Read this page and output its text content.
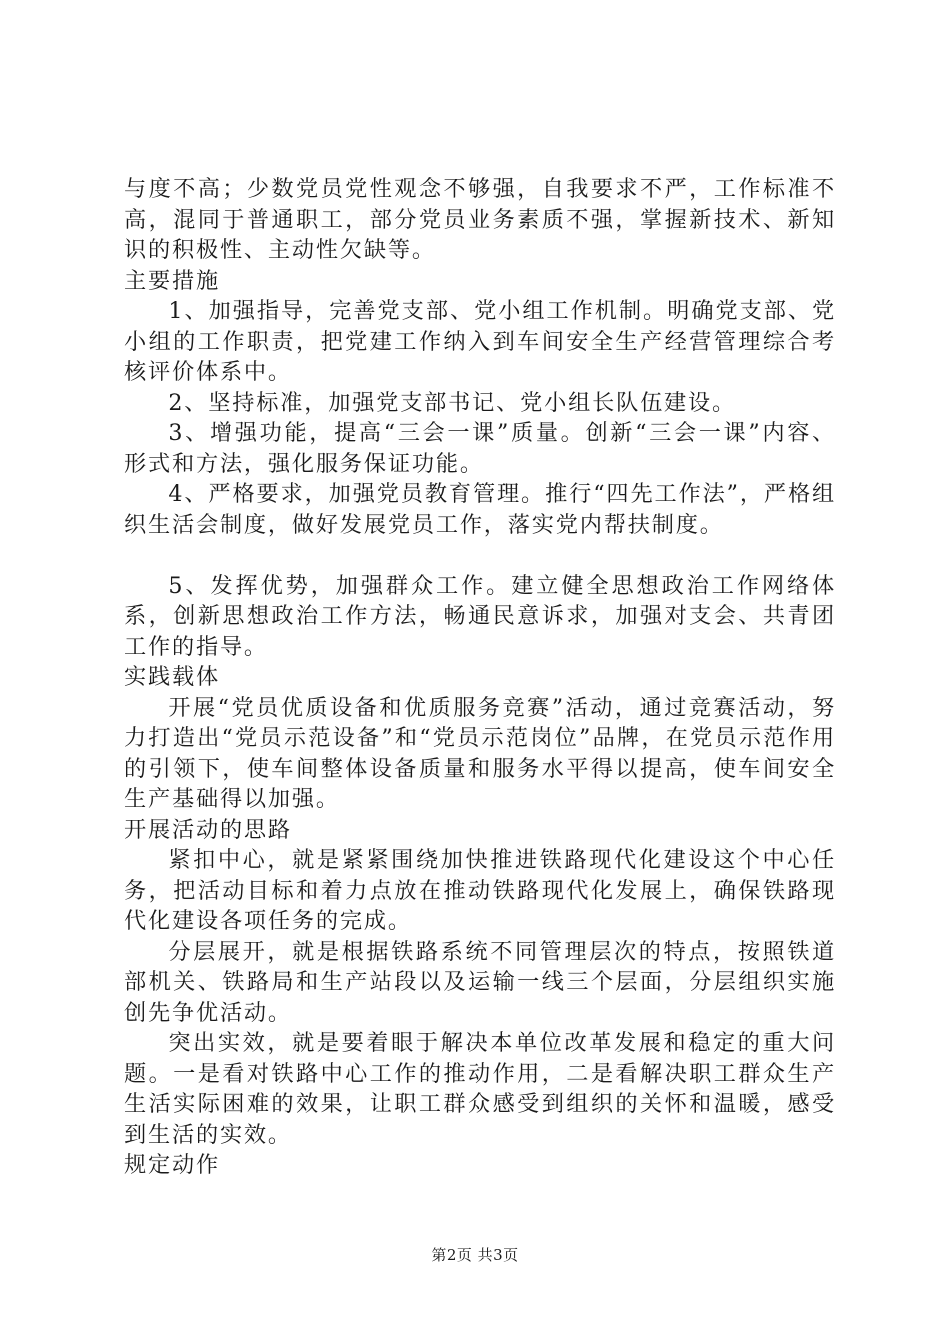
与度不高；少数党员党性观念不够强，自我要求不严，工作标准不高，混同于普通职工，部分党员业务素质不强，掌握新技术、新知识的积极性、主动性欠缺等。

主要措施

1、加强指导，完善党支部、党小组工作机制。明确党支部、党小组的工作职责，把党建工作纳入到车间安全生产经营管理综合考核评价体系中。

2、坚持标准，加强党支部书记、党小组长队伍建设。

3、增强功能，提高“三会一课”质量。创新“三会一课”内容、形式和方法，强化服务保证功能。

4、严格要求，加强党员教育管理。推行“四先工作法”，严格组织生活会制度，做好发展党员工作，落实党内帮扶制度。

5、发挥优势，加强群众工作。建立健全思想政治工作网络体系，创新思想政治工作方法，畅通民意诉求，加强对支会、共青团工作的指导。

实践载体

开展“党员优质设备和优质服务竞赛”活动，通过竞赛活动，努力打造出“党员示范设备”和“党员示范岗位”品牌，在党员示范作用的引领下，使车间整体设备质量和服务水平得以提高，使车间安全生产基础得以加强。

开展活动的思路

紧扣中心，就是紧紧围绕加快推进铁路现代化建设这个中心任务，把活动目标和着力点放在推动铁路现代化发展上，确保铁路现代化建设各项任务的完成。

分层展开，就是根据铁路系统不同管理层次的特点，按照铁道部机关、铁路局和生产站段以及运输一线三个层面，分层组织实施创先争优活动。

突出实效，就是要着眼于解决本单位改革发展和稳定的重大问题。一是看对铁路中心工作的推动作用，二是看解决职工群众生产生活实际困难的效果，让职工群众感受到组织的关怀和温暖，感受到生活的实效。

规定动作

第2页 共3页
